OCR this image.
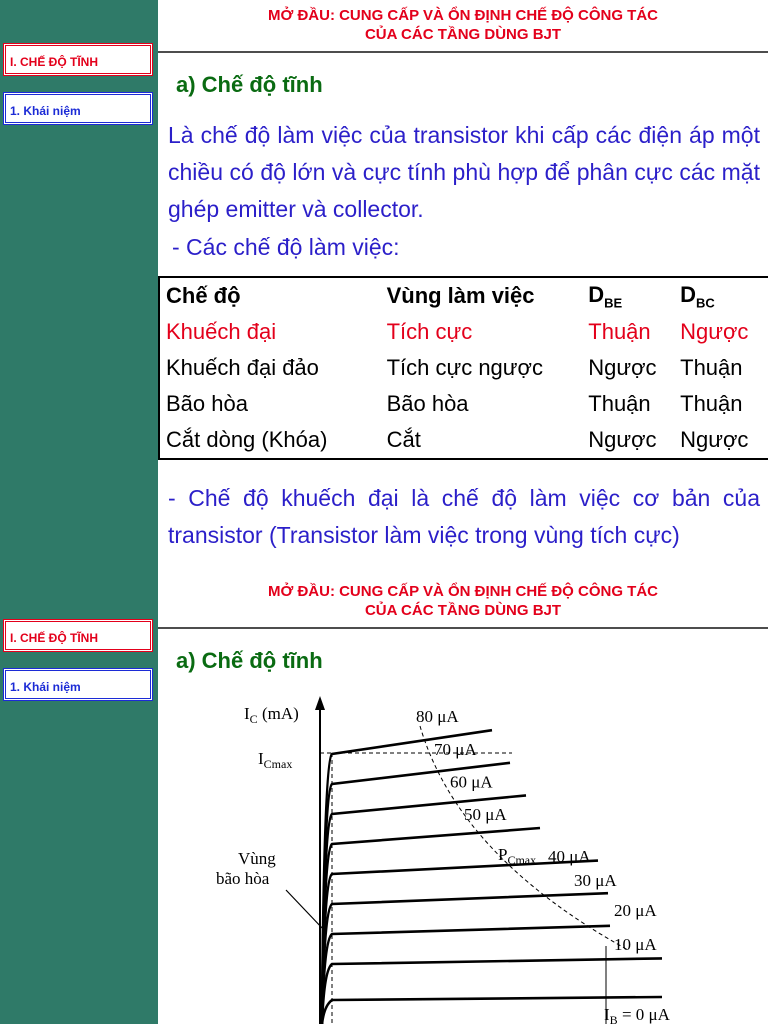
I. CHẾ ĐỘ TĨNH
1. Khái niệm
MỞ ĐẦU: CUNG CẤP VÀ ỔN ĐỊNH CHẾ ĐỘ CÔNG TÁC
CỦA CÁC TẦNG DÙNG BJT
a) Chế độ tĩnh

Là chế độ làm việc của transistor khi cấp các điện áp một chiều có độ lớn và cực tính phù hợp để phân cực các mặt ghép emitter và collector.

- Các chế độ làm việc:
Chế độ	Vùng làm việc	$D_{BE}$	$D_{BC}$
Khuếch đại	Tích cực	Thuận	Ngược
Khuếch đại đảo	Tích cực ngược	Ngược	Thuận
Bão hòa	Bão hòa	Thuận	Thuận
Cắt dòng (Khóa)	Cắt	Ngược	Ngược

- Chế độ khuếch đại là chế độ làm việc cơ bản của transistor (Transistor làm việc trong vùng tích cực)

I. CHẾ ĐỘ TĨNH
1. Khái niệm
MỞ ĐẦU: CUNG CẤP VÀ ỔN ĐỊNH CHẾ ĐỘ CÔNG TÁC
CỦA CÁC TẦNG DÙNG BJT
a) Chế độ tĩnh
$I_C$ (mA)
$I_{Cmax}$
Vùng
bão hòa
$P_{Cmax}$
80 μA
70 μA
60 μA
50 μA
40 μA
30 μA
20 μA
10 μA
$I_B = 0$ μA
